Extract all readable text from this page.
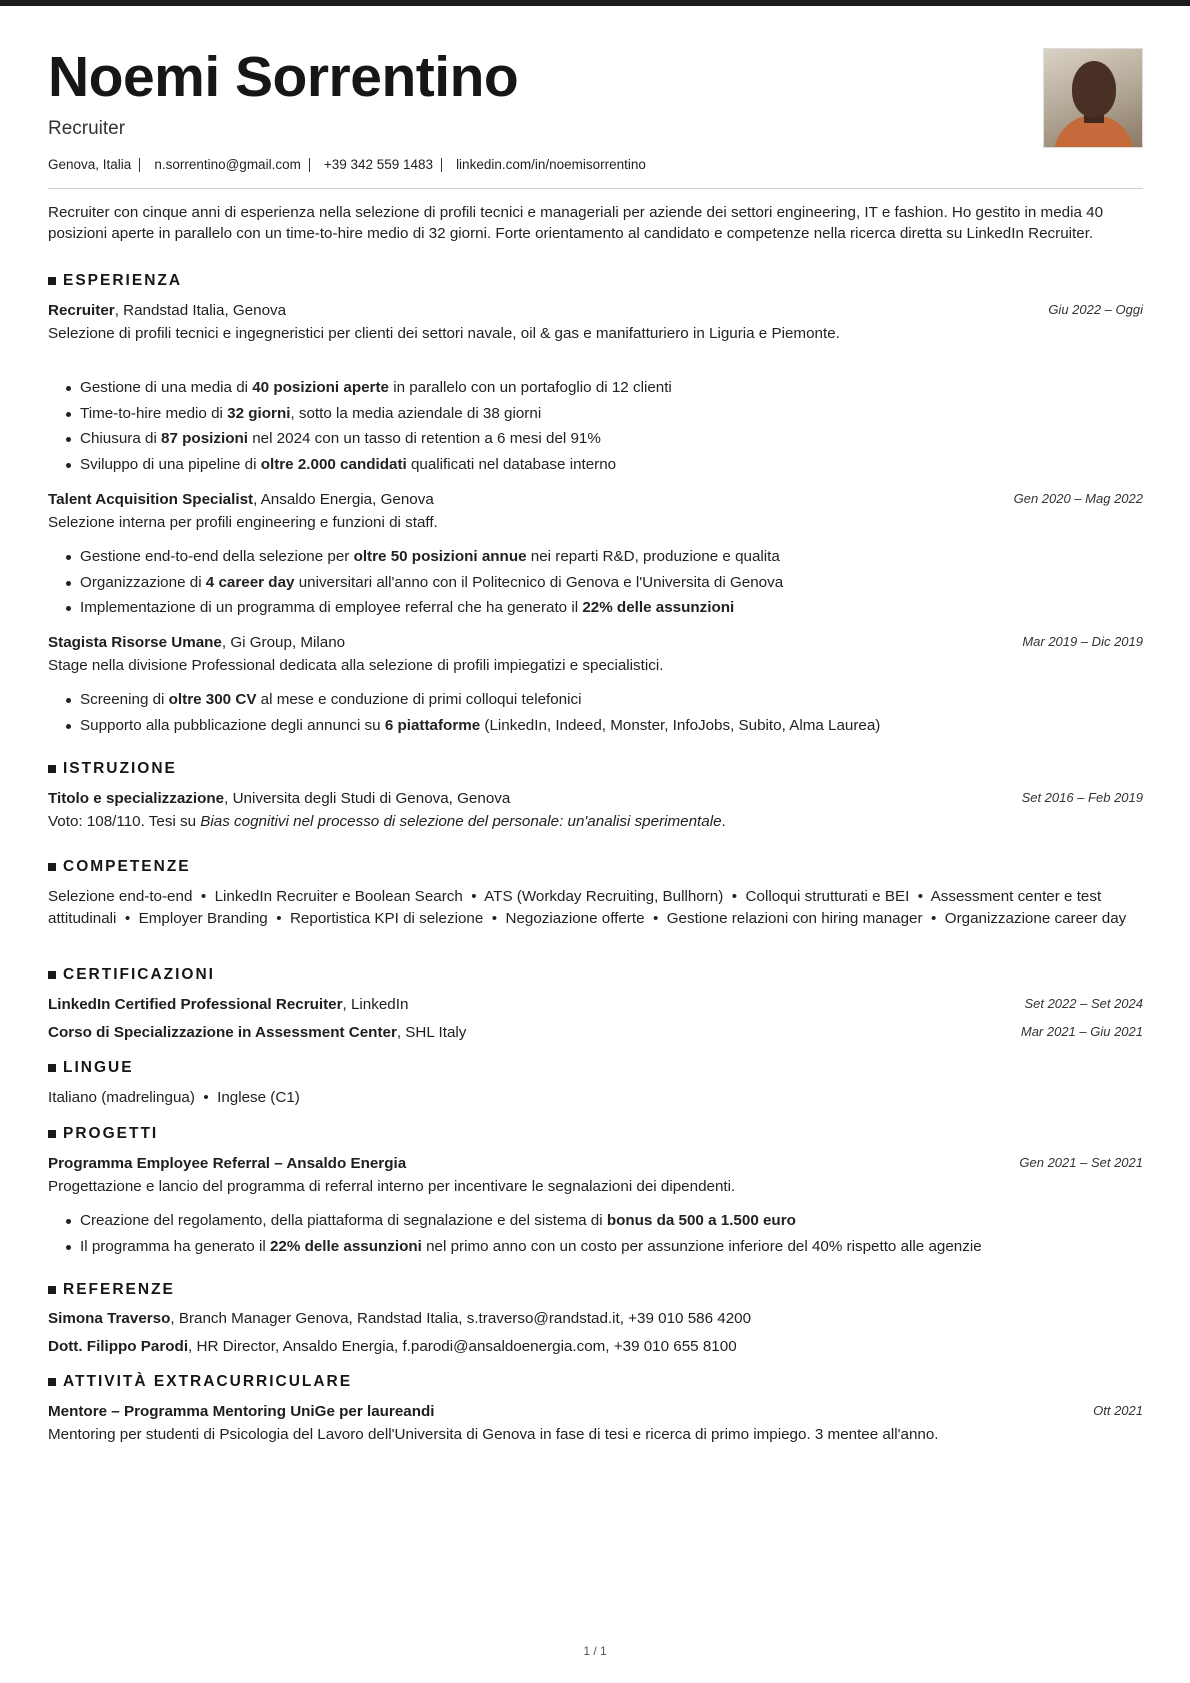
Noemi Sorrentino
Recruiter
Genova, Italia	n.sorrentino@gmail.com	+39 342 559 1483	linkedin.com/in/noemisorrentino
Recruiter con cinque anni di esperienza nella selezione di profili tecnici e manageriali per aziende dei settori engineering, IT e fashion. Ho gestito in media 40 posizioni aperte in parallelo con un time-to-hire medio di 32 giorni. Forte orientamento al candidato e competenze nella ricerca diretta su LinkedIn Recruiter.
ESPERIENZA
Recruiter, Randstad Italia, Genova	Giu 2022 – Oggi
Selezione di profili tecnici e ingegneristici per clienti dei settori navale, oil & gas e manifatturiero in Liguria e Piemonte.
Gestione di una media di 40 posizioni aperte in parallelo con un portafoglio di 12 clienti
Time-to-hire medio di 32 giorni, sotto la media aziendale di 38 giorni
Chiusura di 87 posizioni nel 2024 con un tasso di retention a 6 mesi del 91%
Sviluppo di una pipeline di oltre 2.000 candidati qualificati nel database interno
Talent Acquisition Specialist, Ansaldo Energia, Genova	Gen 2020 – Mag 2022
Selezione interna per profili engineering e funzioni di staff.
Gestione end-to-end della selezione per oltre 50 posizioni annue nei reparti R&D, produzione e qualita
Organizzazione di 4 career day universitari all'anno con il Politecnico di Genova e l'Universita di Genova
Implementazione di un programma di employee referral che ha generato il 22% delle assunzioni
Stagista Risorse Umane, Gi Group, Milano	Mar 2019 – Dic 2019
Stage nella divisione Professional dedicata alla selezione di profili impiegatizi e specialistici.
Screening di oltre 300 CV al mese e conduzione di primi colloqui telefonici
Supporto alla pubblicazione degli annunci su 6 piattaforme (LinkedIn, Indeed, Monster, InfoJobs, Subito, Alma Laurea)
ISTRUZIONE
Titolo e specializzazione, Universita degli Studi di Genova, Genova	Set 2016 – Feb 2019
Voto: 108/110. Tesi su Bias cognitivi nel processo di selezione del personale: un'analisi sperimentale.
COMPETENZE
Selezione end-to-end  •  LinkedIn Recruiter e Boolean Search  •  ATS (Workday Recruiting, Bullhorn)  •  Colloqui strutturati e BEI  •  Assessment center e test attitudinali  •  Employer Branding  •  Reportistica KPI di selezione  •  Negoziazione offerte  •  Gestione relazioni con hiring manager  •  Organizzazione career day
CERTIFICAZIONI
LinkedIn Certified Professional Recruiter, LinkedIn	Set 2022 – Set 2024
Corso di Specializzazione in Assessment Center, SHL Italy	Mar 2021 – Giu 2021
LINGUE
Italiano (madrelingua)  •  Inglese (C1)
PROGETTI
Programma Employee Referral – Ansaldo Energia	Gen 2021 – Set 2021
Progettazione e lancio del programma di referral interno per incentivare le segnalazioni dei dipendenti.
Creazione del regolamento, della piattaforma di segnalazione e del sistema di bonus da 500 a 1.500 euro
Il programma ha generato il 22% delle assunzioni nel primo anno con un costo per assunzione inferiore del 40% rispetto alle agenzie
REFERENZE
Simona Traverso, Branch Manager Genova, Randstad Italia, s.traverso@randstad.it, +39 010 586 4200
Dott. Filippo Parodi, HR Director, Ansaldo Energia, f.parodi@ansaldoenergia.com, +39 010 655 8100
ATTIVITÀ EXTRACURRICULARE
Mentore – Programma Mentoring UniGe per laureandi	Ott 2021
Mentoring per studenti di Psicologia del Lavoro dell'Universita di Genova in fase di tesi e ricerca di primo impiego. 3 mentee all'anno.
1 / 1
